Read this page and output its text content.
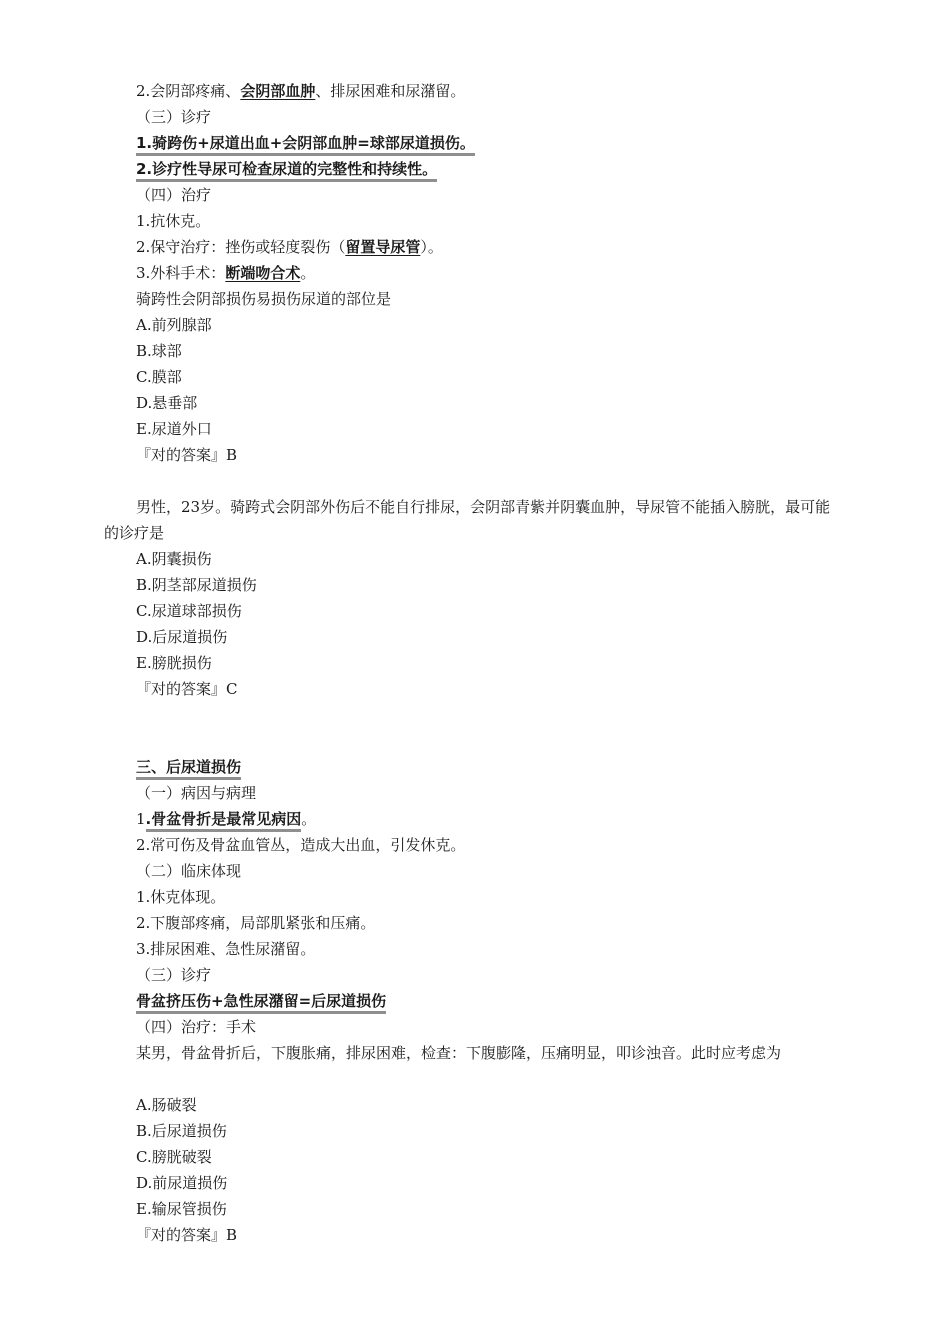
2.会阴部疼痛、会阴部血肿、排尿困难和尿潴留。
（三）诊疗
1.骑跨伤+尿道出血+会阴部血肿=球部尿道损伤。
2.诊疗性导尿可检查尿道的完整性和持续性。
（四）治疗
1.抗休克。
2.保守治疗：挫伤或轻度裂伤（留置导尿管）。
3.外科手术：断端吻合术。
骑跨性会阴部损伤易损伤尿道的部位是
A.前列腺部
B.球部
C.膜部
D.悬垂部
E.尿道外口
『对的答案』B
男性，23岁。骑跨式会阴部外伤后不能自行排尿，会阴部青紫并阴囊血肿，导尿管不能插入膀胱，最可能的诊疗是
A.阴囊损伤
B.阴茎部尿道损伤
C.尿道球部损伤
D.后尿道损伤
E.膀胱损伤
『对的答案』C
三、后尿道损伤
（一）病因与病理
1.骨盆骨折是最常见病因。
2.常可伤及骨盆血管丛，造成大出血，引发休克。
（二）临床体现
1.休克体现。
2.下腹部疼痛，局部肌紧张和压痛。
3.排尿困难、急性尿潴留。
（三）诊疗
骨盆挤压伤+急性尿潴留=后尿道损伤
（四）治疗：手术
某男，骨盆骨折后，下腹胀痛，排尿困难，检查：下腹膨隆，压痛明显，叩诊浊音。此时应考虑为
A.肠破裂
B.后尿道损伤
C.膀胱破裂
D.前尿道损伤
E.输尿管损伤
『对的答案』B
